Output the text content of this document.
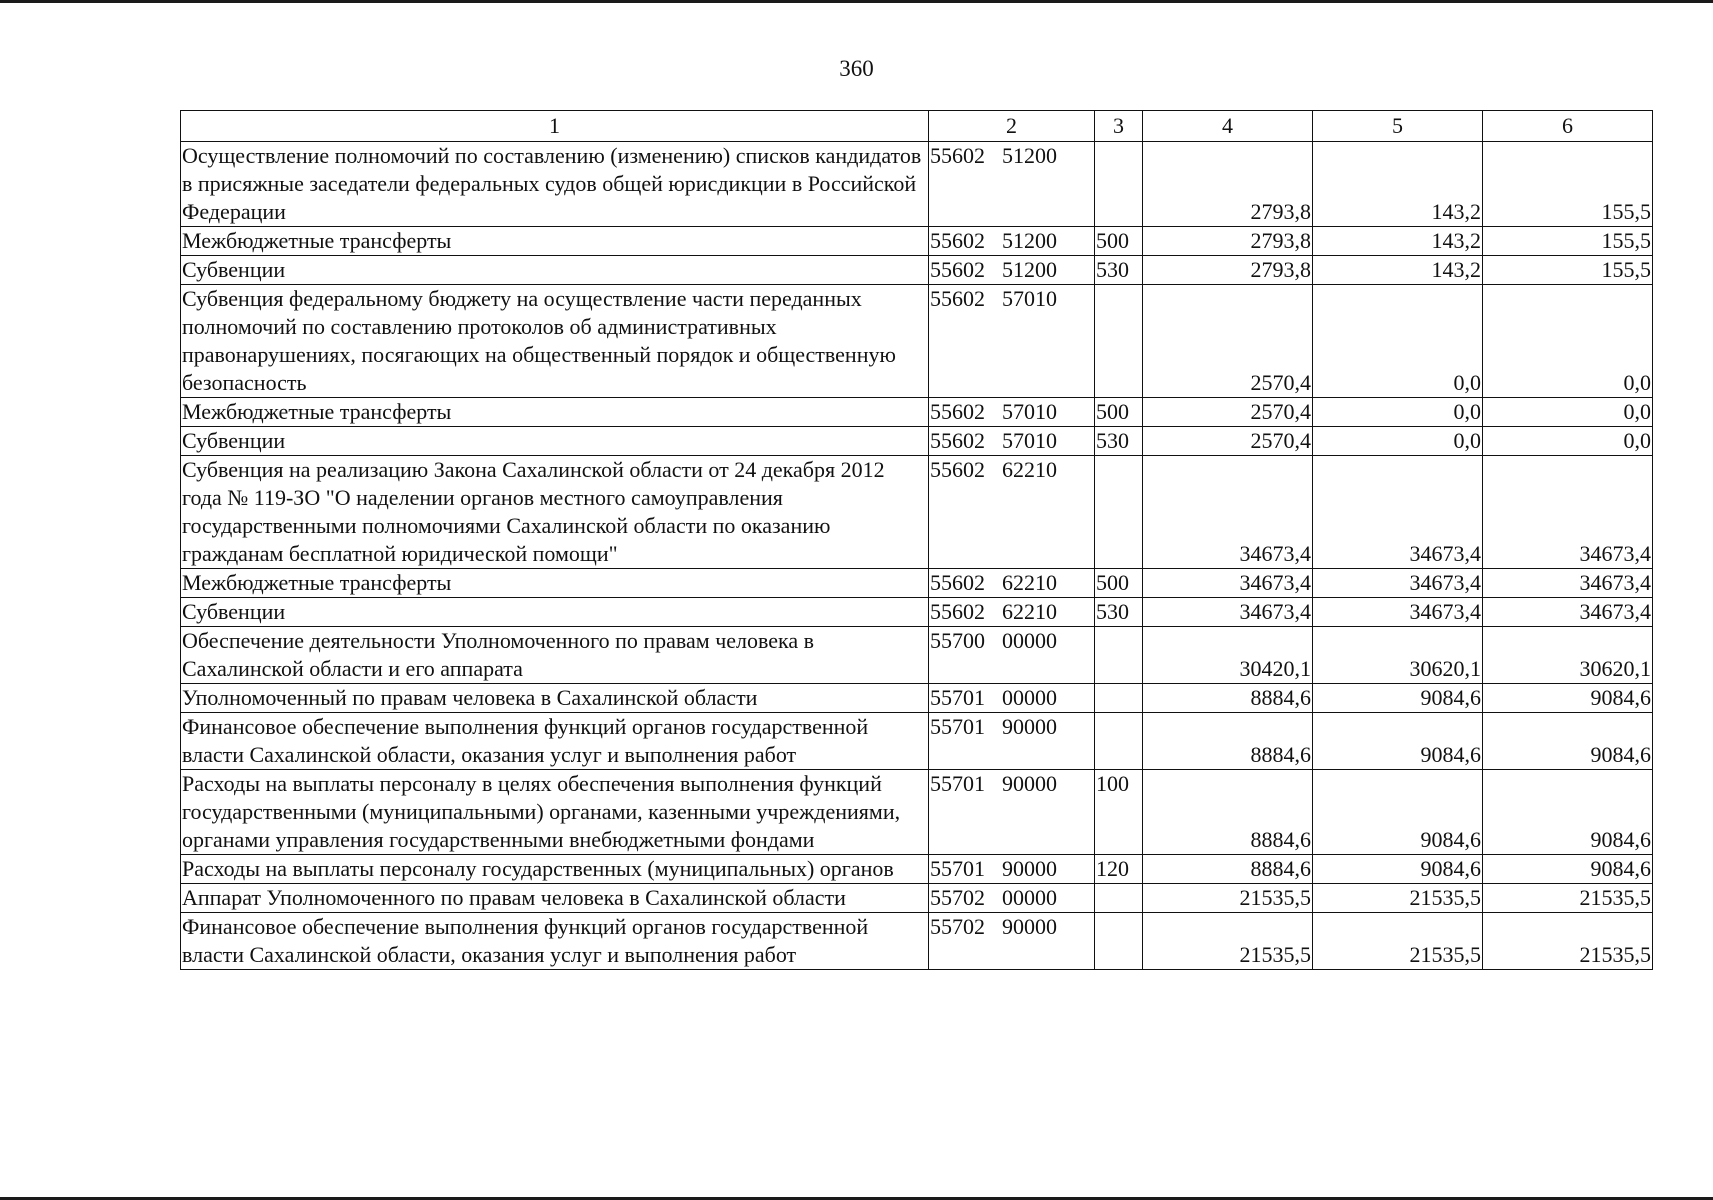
360
1	2	3	4	5	6
Осуществление полномочий по составлению (изменению) списков кандидатов в присяжные заседатели федеральных судов общей юрисдикции в Российской Федерации	55602 51200		2793,8	143,2	155,5
Межбюджетные трансферты	55602 51200	500	2793,8	143,2	155,5
Субвенции	55602 51200	530	2793,8	143,2	155,5
Субвенция федеральному бюджету на осуществление части переданных полномочий по составлению протоколов об административных правонарушениях, посягающих на общественный порядок и общественную безопасность	55602 57010		2570,4	0,0	0,0
Межбюджетные трансферты	55602 57010	500	2570,4	0,0	0,0
Субвенции	55602 57010	530	2570,4	0,0	0,0
Субвенция на реализацию Закона Сахалинской области от 24 декабря 2012 года № 119-ЗО "О наделении органов местного самоуправления государственными полномочиями Сахалинской области по оказанию гражданам бесплатной юридической помощи"	55602 62210		34673,4	34673,4	34673,4
Межбюджетные трансферты	55602 62210	500	34673,4	34673,4	34673,4
Субвенции	55602 62210	530	34673,4	34673,4	34673,4
Обеспечение деятельности Уполномоченного по правам человека в Сахалинской области и его аппарата	55700 00000		30420,1	30620,1	30620,1
Уполномоченный по правам человека в Сахалинской области	55701 00000		8884,6	9084,6	9084,6
Финансовое обеспечение выполнения функций органов государственной власти Сахалинской области, оказания услуг и выполнения работ	55701 90000		8884,6	9084,6	9084,6
Расходы на выплаты персоналу в целях обеспечения выполнения функций государственными (муниципальными) органами, казенными учреждениями, органами управления государственными внебюджетными фондами	55701 90000	100	8884,6	9084,6	9084,6
Расходы на выплаты персоналу государственных (муниципальных) органов	55701 90000	120	8884,6	9084,6	9084,6
Аппарат Уполномоченного по правам человека в Сахалинской области	55702 00000		21535,5	21535,5	21535,5
Финансовое обеспечение выполнения функций органов государственной власти Сахалинской области, оказания услуг и выполнения работ	55702 90000		21535,5	21535,5	21535,5
